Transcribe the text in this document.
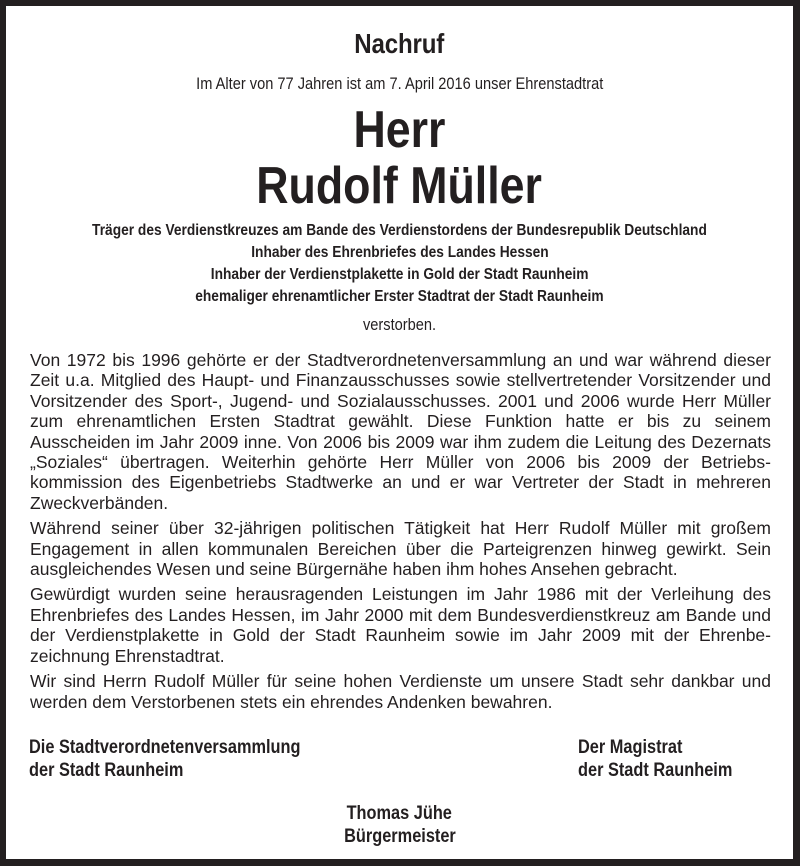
Nachruf
Im Alter von 77 Jahren ist am 7. April 2016 unser Ehrenstadtrat
Herr
Rudolf Müller
Träger des Verdienstkreuzes am Bande des Verdienstordens der Bundesrepublik Deutschland
Inhaber des Ehrenbriefes des Landes Hessen
Inhaber der Verdienstplakette in Gold der Stadt Raunheim
ehemaliger ehrenamtlicher Erster Stadtrat der Stadt Raunheim
verstorben.

Von 1972 bis 1996 gehörte er der Stadtverordnetenversammlung an und war während dieser Zeit u.a. Mitglied des Haupt- und Finanzausschusses sowie stellvertretender Vorsitzender und Vorsitzender des Sport-, Jugend- und Sozialausschusses. 2001 und 2006 wurde Herr Müller zum ehrenamtlichen Ersten Stadtrat gewählt. Diese Funktion hatte er bis zu seinem Ausscheiden im Jahr 2009 inne. Von 2006 bis 2009 war ihm zudem die Leitung des Dezernats „Soziales“ übertragen. Weiterhin gehörte Herr Müller von 2006 bis 2009 der Betriebskommission des Eigenbetriebs Stadtwerke an und er war Vertreter der Stadt in mehreren Zweckverbänden.

Während seiner über 32-jährigen politischen Tätigkeit hat Herr Rudolf Müller mit großem Engagement in allen kommunalen Bereichen über die Parteigrenzen hinweg gewirkt. Sein ausgleichendes Wesen und seine Bürgernähe haben ihm hohes Ansehen gebracht.

Gewürdigt wurden seine herausragenden Leistungen im Jahr 1986 mit der Verleihung des Ehrenbriefes des Landes Hessen, im Jahr 2000 mit dem Bundesverdienstkreuz am Bande und der Verdienstplakette in Gold der Stadt Raunheim sowie im Jahr 2009 mit der Ehrenbezeichnung Ehrenstadtrat.

Wir sind Herrn Rudolf Müller für seine hohen Verdienste um unsere Stadt sehr dankbar und werden dem Verstorbenen stets ein ehrendes Andenken bewahren.

Die Stadtverordnetenversammlung
der Stadt Raunheim
Der Magistrat
der Stadt Raunheim
Thomas Jühe
Bürgermeister
